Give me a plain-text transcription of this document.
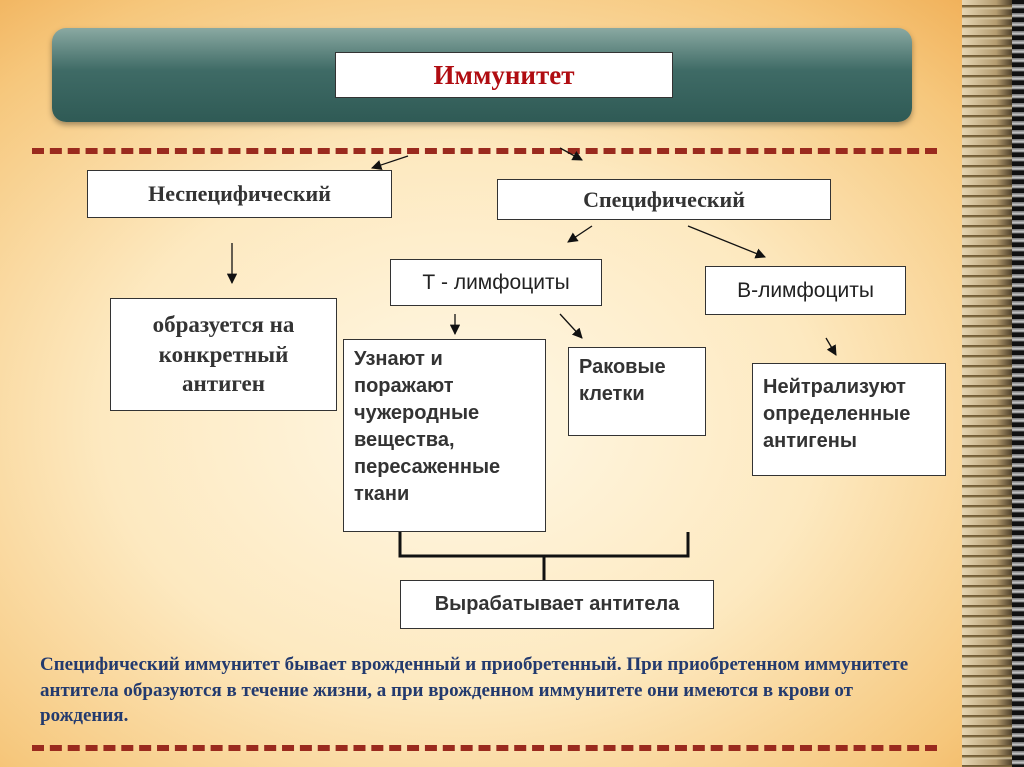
Иммунитет
Неспецифический	Специфический
Т - лимфоциты	В-лимфоциты
образуется на конкретный антиген
Узнают и поражают чужеродные вещества, пересаженные ткани
Раковые клетки	Нейтрализуют определенные антигены
Вырабатывает антитела
Специфический иммунитет бывает врожденный и приобретенный. При приобретенном иммунитете антитела образуются в течение жизни, а при врожденном иммунитете они имеются в крови от рождения.
